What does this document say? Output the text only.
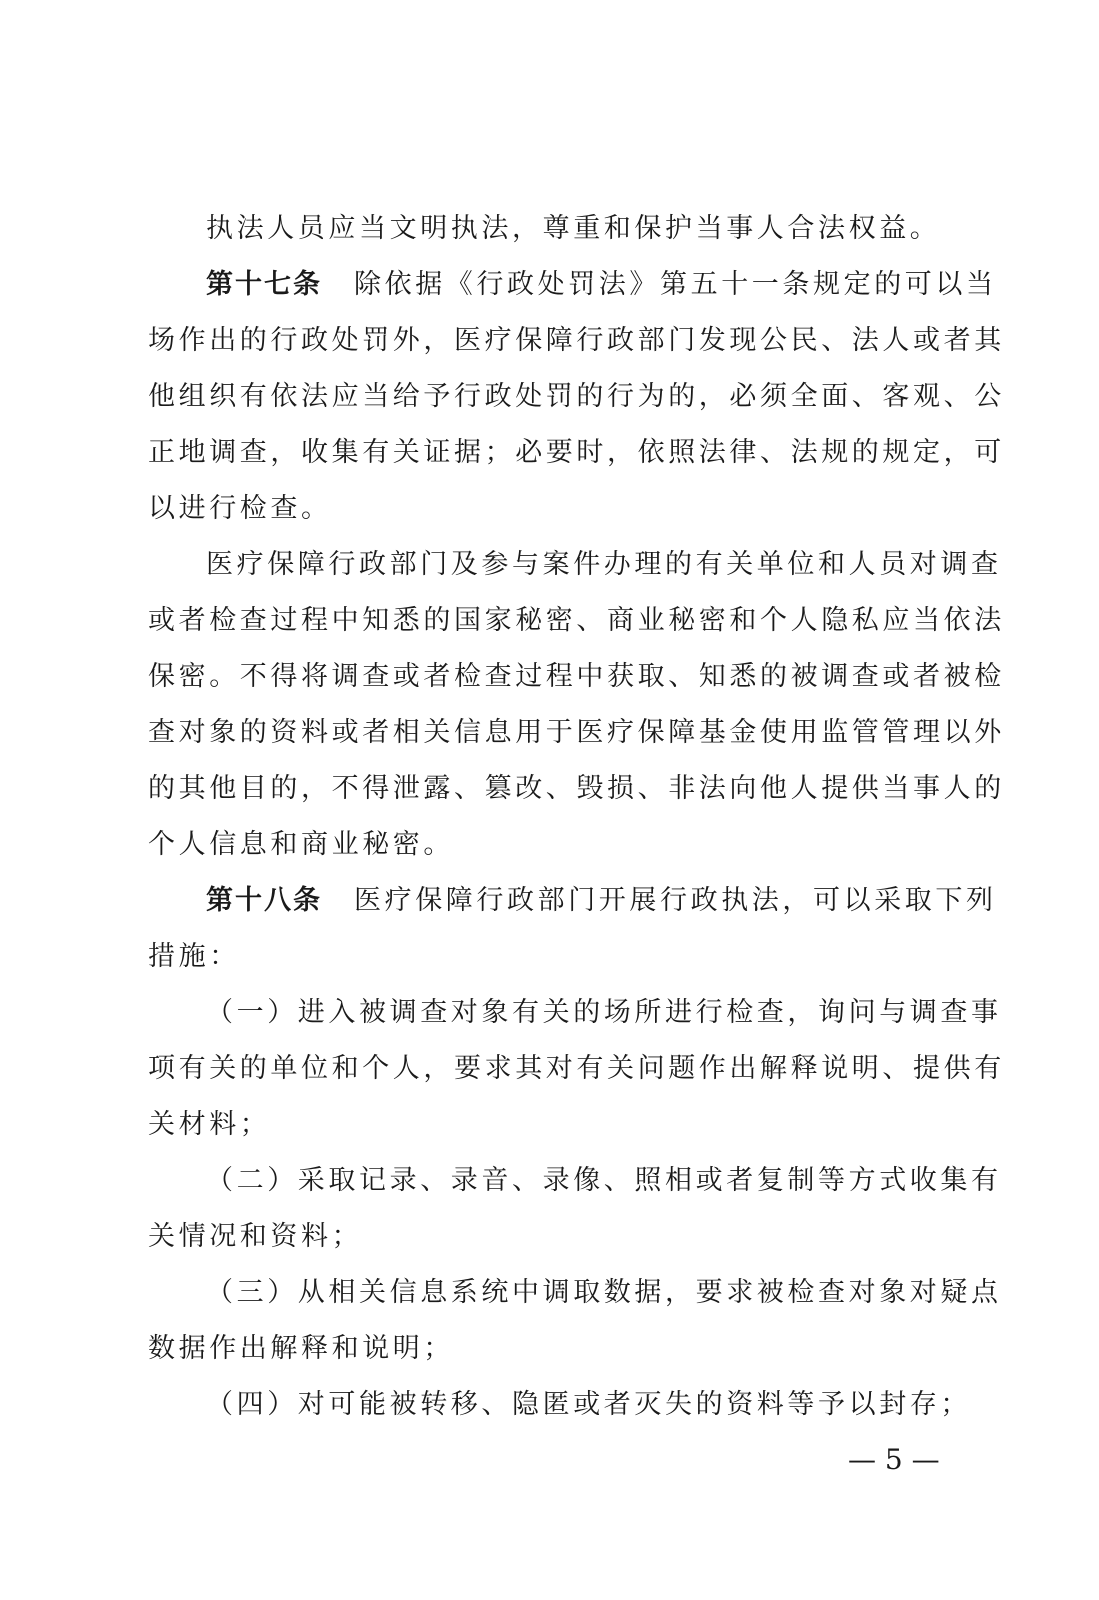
执法人员应当文明执法，尊重和保护当事人合法权益。
第十七条 除依据《行政处罚法》第五十一条规定的可以当
场作出的行政处罚外，医疗保障行政部门发现公民、法人或者其
他组织有依法应当给予行政处罚的行为的，必须全面、客观、公
正地调查，收集有关证据；必要时，依照法律、法规的规定，可
以进行检查。
医疗保障行政部门及参与案件办理的有关单位和人员对调查
或者检查过程中知悉的国家秘密、商业秘密和个人隐私应当依法
保密。不得将调查或者检查过程中获取、知悉的被调查或者被检
查对象的资料或者相关信息用于医疗保障基金使用监管管理以外
的其他目的，不得泄露、篡改、毁损、非法向他人提供当事人的
个人信息和商业秘密。
第十八条 医疗保障行政部门开展行政执法，可以采取下列
措施：
（一）进入被调查对象有关的场所进行检查，询问与调查事
项有关的单位和个人，要求其对有关问题作出解释说明、提供有
关材料；
（二）采取记录、录音、录像、照相或者复制等方式收集有
关情况和资料；
（三）从相关信息系统中调取数据，要求被检查对象对疑点
数据作出解释和说明；
（四）对可能被转移、隐匿或者灭失的资料等予以封存；
— 5 —
